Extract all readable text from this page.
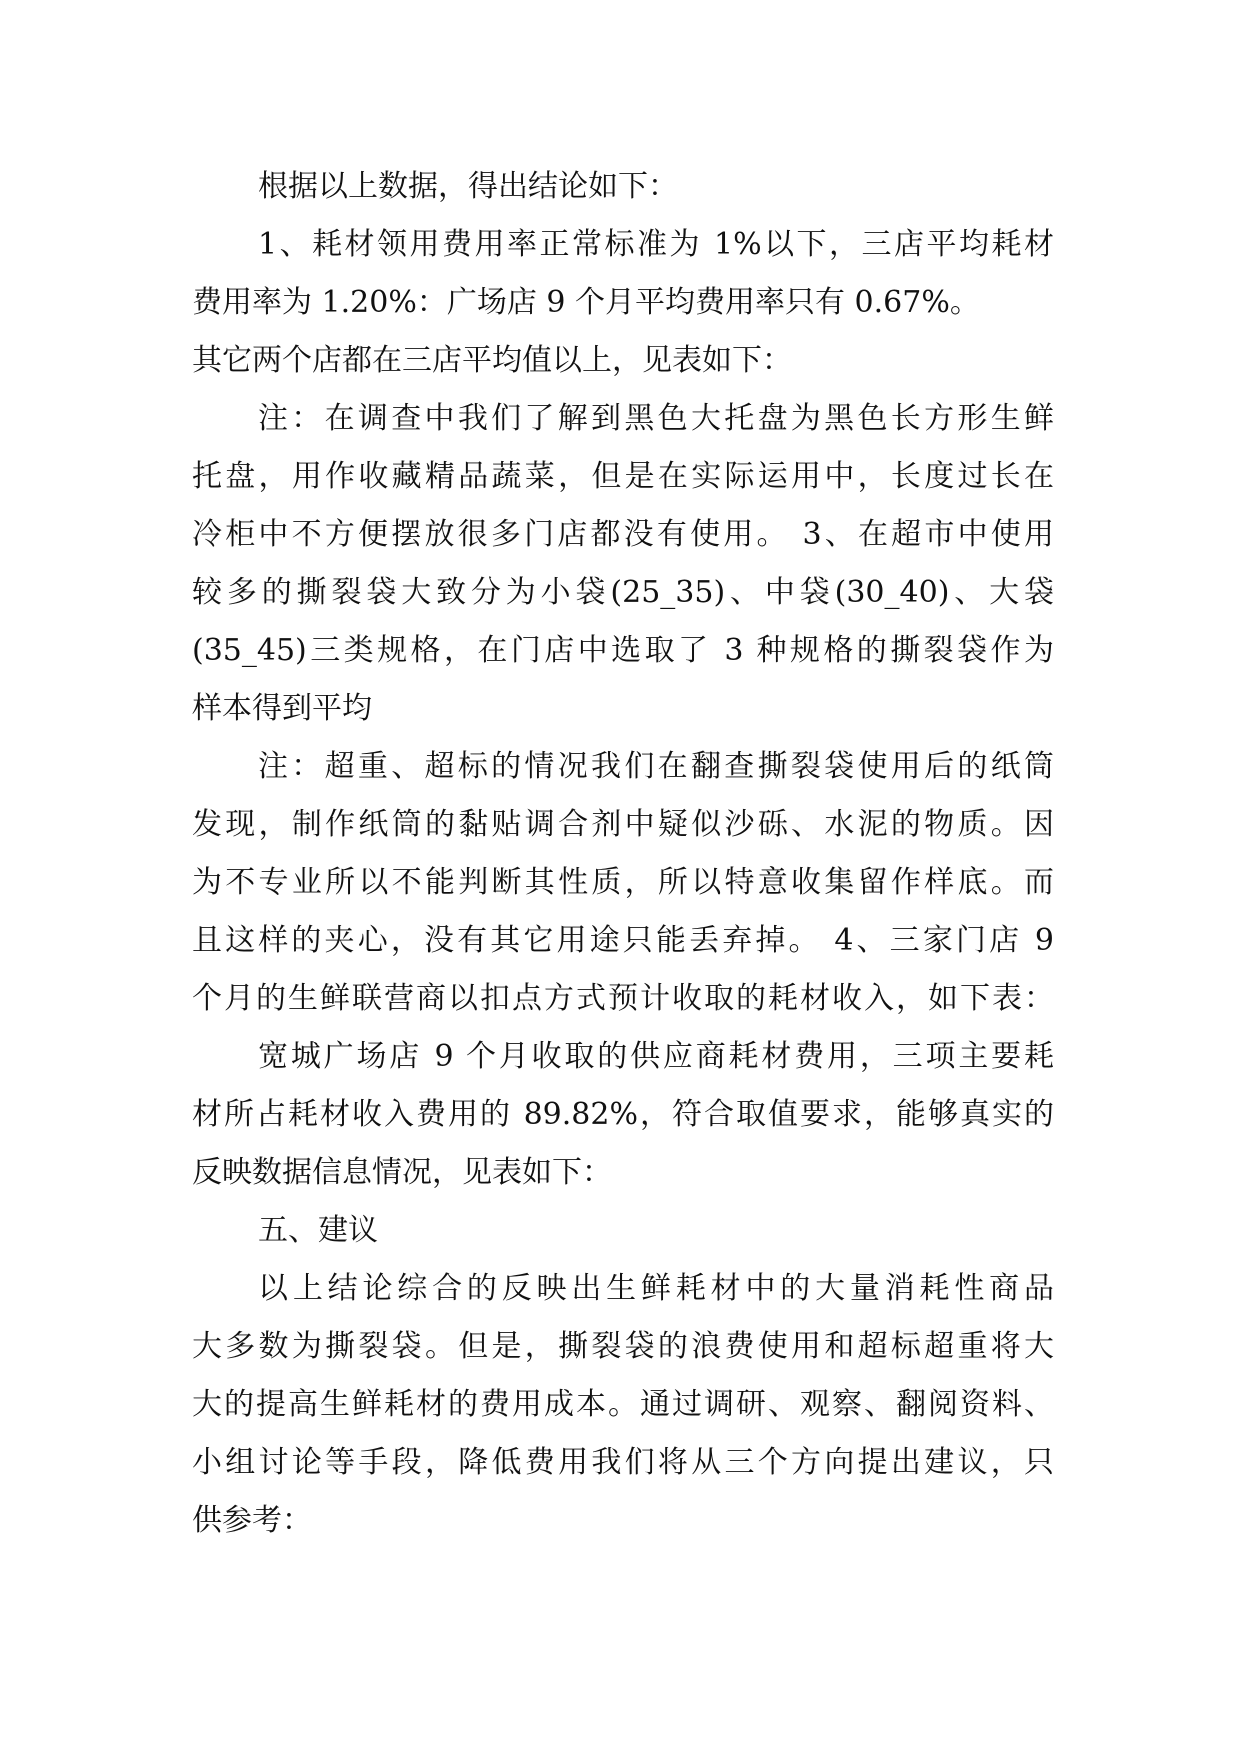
根据以上数据，得出结论如下：
1、耗材领用费用率正常标准为 1%以下，三店平均耗材
费用率为 1.20%：广场店 9 个月平均费用率只有 0.67%。
其它两个店都在三店平均值以上，见表如下：
注：在调查中我们了解到黑色大托盘为黑色长方形生鲜
托盘，用作收藏精品蔬菜，但是在实际运用中，长度过长在
冷柜中不方便摆放很多门店都没有使用。 3、在超市中使用
较多的撕裂袋大致分为小袋(25_35)、中袋(30_40)、大袋
(35_45)三类规格，在门店中选取了 3 种规格的撕裂袋作为
样本得到平均
注：超重、超标的情况我们在翻查撕裂袋使用后的纸筒
发现，制作纸筒的黏贴调合剂中疑似沙砾、水泥的物质。因
为不专业所以不能判断其性质，所以特意收集留作样底。而
且这样的夹心，没有其它用途只能丢弃掉。 4、三家门店 9
个月的生鲜联营商以扣点方式预计收取的耗材收入，如下表：
宽城广场店 9 个月收取的供应商耗材费用，三项主要耗
材所占耗材收入费用的 89.82%，符合取值要求，能够真实的
反映数据信息情况，见表如下：
五、建议
以上结论综合的反映出生鲜耗材中的大量消耗性商品
大多数为撕裂袋。但是，撕裂袋的浪费使用和超标超重将大
大的提高生鲜耗材的费用成本。通过调研、观察、翻阅资料、
小组讨论等手段，降低费用我们将从三个方向提出建议，只
供参考：
